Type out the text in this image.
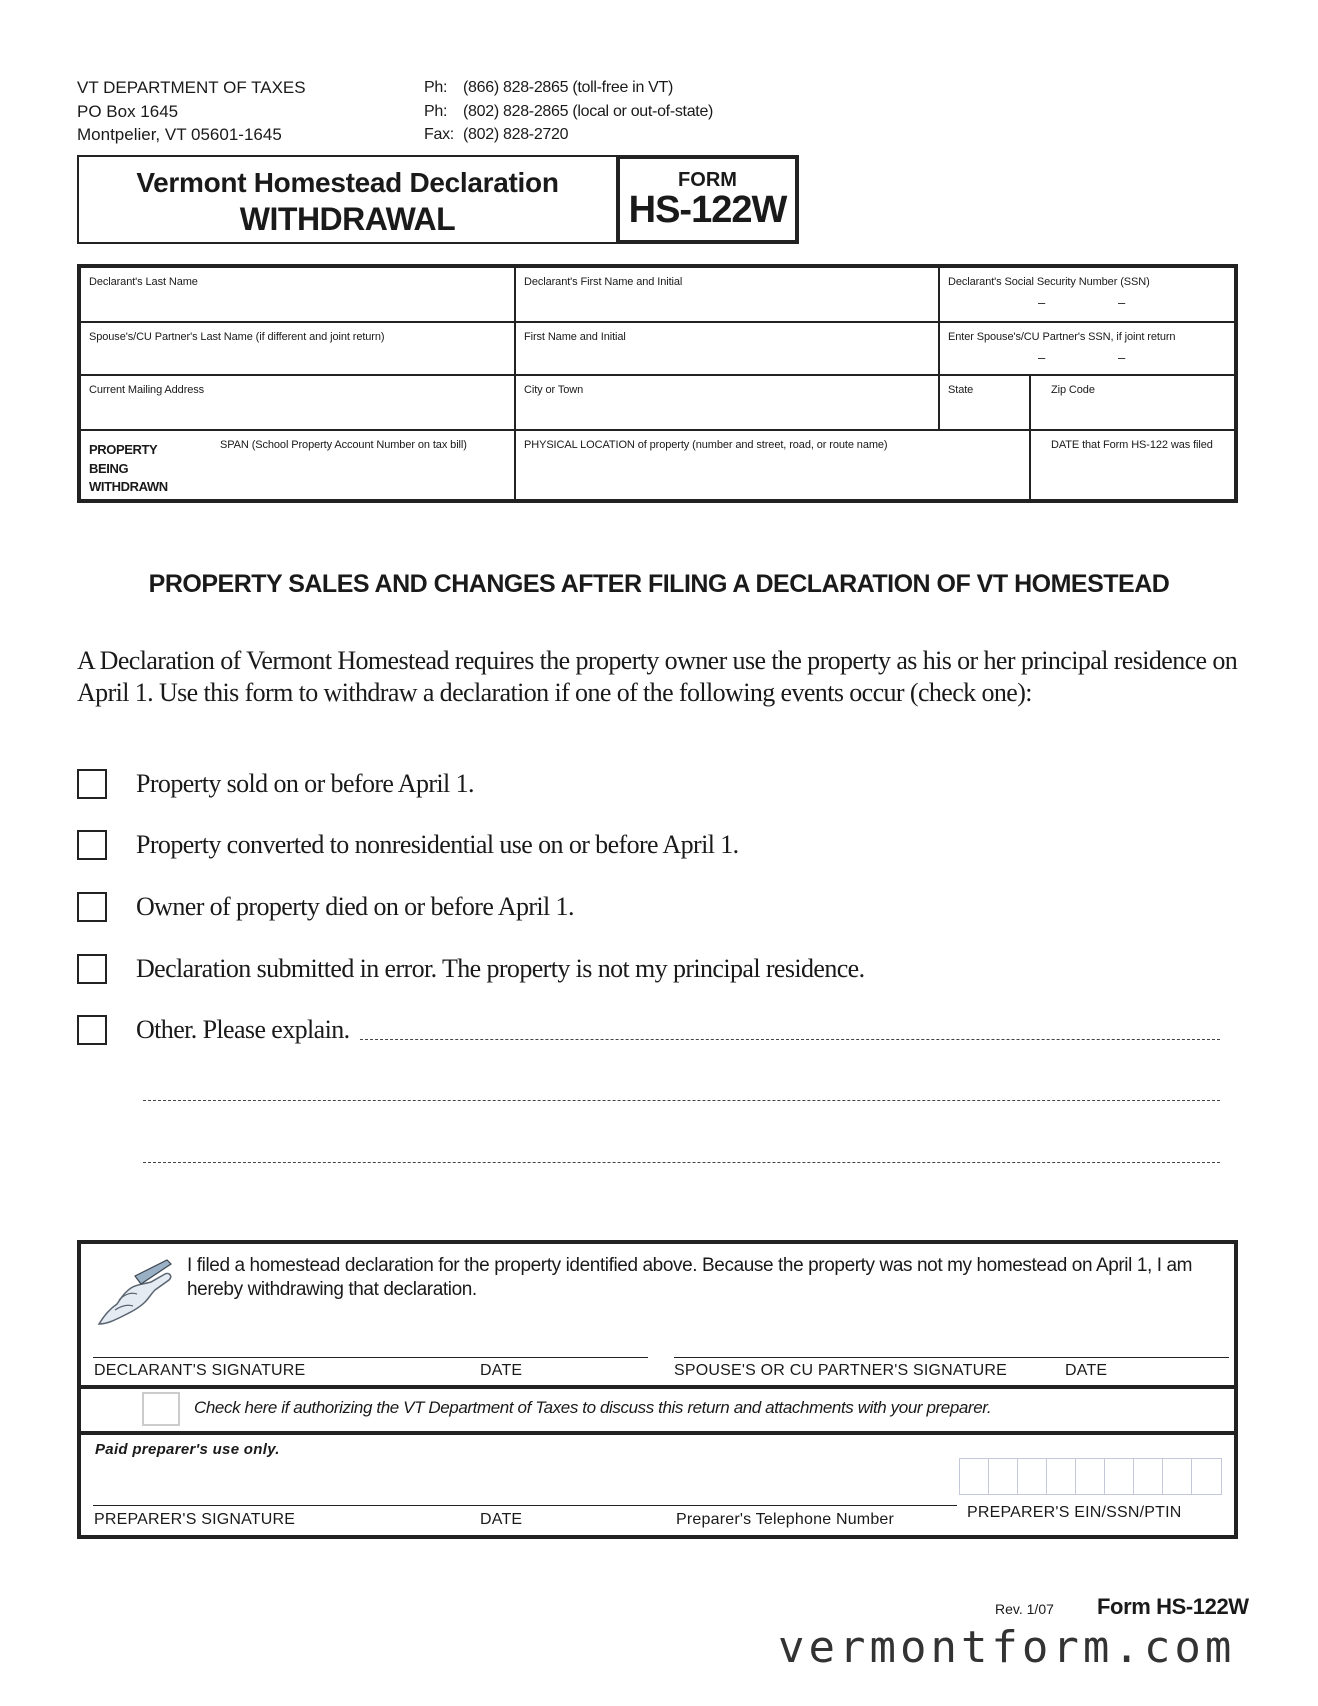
VT DEPARTMENT OF TAXES
PO Box 1645
Montpelier, VT 05601-1645
Ph: (866) 828-2865 (toll-free in VT)
Ph: (802) 828-2865 (local or out-of-state)
Fax: (802) 828-2720
Vermont Homestead Declaration
WITHDRAWAL
FORM
HS-122W
Declarant's Last Name	Declarant's First Name and Initial	Declarant's Social Security Number (SSN)
–	–
Spouse's/CU Partner's Last Name (if different and joint return)	First Name and Initial	Enter Spouse's/CU Partner's SSN, if joint return
–	–
Current Mailing Address	City or Town	State	Zip Code
PROPERTY BEING WITHDRAWN
SPAN (School Property Account Number on tax bill)	PHYSICAL LOCATION of property (number and street, road, or route name)	DATE that Form HS-122 was filed
PROPERTY SALES AND CHANGES AFTER FILING A DECLARATION OF VT HOMESTEAD
A Declaration of Vermont Homestead requires the property owner use the property as his or her principal residence on April 1. Use this form to withdraw a declaration if one of the following events occur (check one):
Property sold on or before April 1.
Property converted to nonresidential use on or before April 1.
Owner of property died on or before April 1.
Declaration submitted in error. The property is not my principal residence.
Other. Please explain.
I filed a homestead declaration for the property identified above. Because the property was not my homestead on April 1, I am hereby withdrawing that declaration.
DECLARANT'S SIGNATURE	DATE	SPOUSE'S OR CU PARTNER'S SIGNATURE	DATE
Check here if authorizing the VT Department of Taxes to discuss this return and attachments with your preparer.
Paid preparer's use only.
PREPARER'S SIGNATURE	DATE	Preparer's Telephone Number	PREPARER'S EIN/SSN/PTIN
Rev. 1/07 Form HS-122W
vermontform.com
